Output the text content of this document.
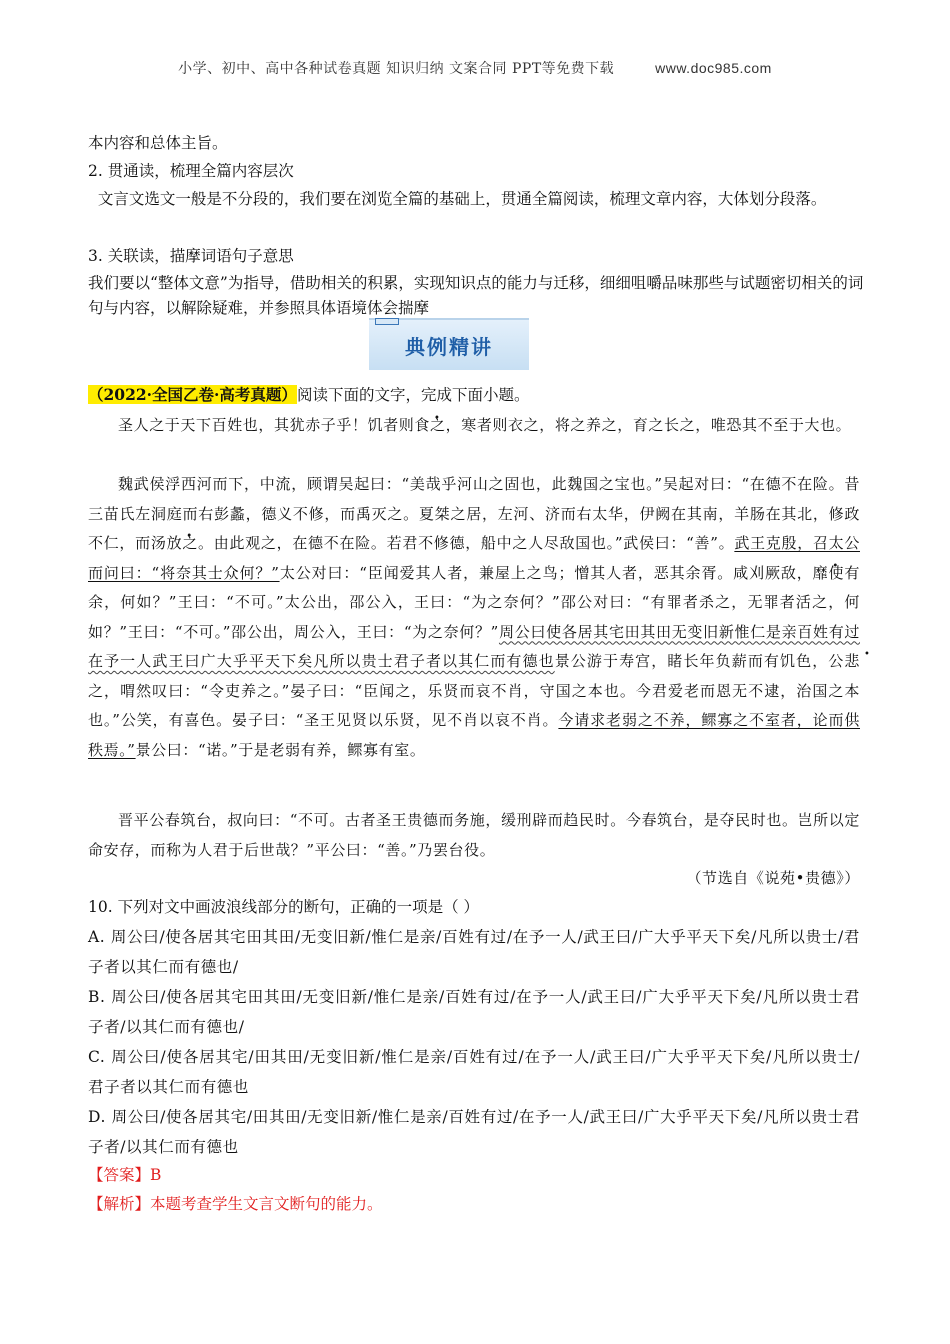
小学、初中、高中各种试卷真题 知识归纳 文案合同 PPT等免费下载	www.doc985.com
本内容和总体主旨。
2. 贯通读，梳理全篇内容层次
文言文选文一般是不分段的，我们要在浏览全篇的基础上，贯通全篇阅读，梳理文章内容，大体划分段落。
3. 关联读，描摩词语句子意思
我们要以“整体文意”为指导，借助相关的积累，实现知识点的能力与迁移，细细咀嚼品味那些与试题密切相关的词句与内容，以解除疑难，并参照具体语境体会揣摩
典例精讲
（2022·全国乙卷·高考真题）阅读下面的文字，完成下面小题。
圣人之于天下百姓也，其犹赤子乎！饥者则食之，寒者则衣之，将之养之，育之长之，唯恐其不至于大也。
魏武侯浮西河而下，中流，顾谓吴起曰：“美哉乎河山之固也，此魏国之宝也。”吴起对曰：“在德不在险。昔三苗氏左洞庭而右彭蠡，德义不修，而禹灭之。夏桀之居，左河、济而右太华，伊阙在其南，羊肠在其北，修政不仁，而汤放之。由此观之，在德不在险。若君不修德，船中之人尽敌国也。”武侯曰：“善”。武王克殷，召太公而问曰：“将奈其士众何？”太公对曰：“臣闻爱其人者，兼屋上之鸟；憎其人者，恶其余胥。咸刈厥敌，靡使有余，何如？”王曰：“不可。”太公出，邵公入，王曰：“为之奈何？”邵公对曰：“有罪者杀之，无罪者活之，何如？”王曰：“不可。”邵公出，周公入，王曰：“为之奈何？”周公曰使各居其宅田其田无变旧新惟仁是亲百姓有过在予一人武王曰广大乎平天下矣凡所以贵士君子者以其仁而有德也景公游于寿宫，睹长年负薪而有饥色，公悲之，喟然叹曰：“令吏养之。”晏子曰：“臣闻之，乐贤而哀不肖，守国之本也。今君爱老而恩无不逮，治国之本也。”公笑，有喜色。晏子曰：“圣王见贤以乐贤，见不肖以哀不肖。今请求老弱之不养，鳏寡之不室者，论而供秩焉。”景公曰：“诺。”于是老弱有养，鳏寡有室。
晋平公春筑台，叔向曰：“不可。古者圣王贵德而务施，缓刑辟而趋民时。今春筑台，是夺民时也。岂所以定命安存，而称为人君于后世哉？”平公曰：“善。”乃罢台役。
（节选自《说苑•贵德》）
10. 下列对文中画波浪线部分的断句，正确的一项是（ ）
A. 周公曰/使各居其宅田其田/无变旧新/惟仁是亲/百姓有过/在予一人/武王曰/广大乎平天下矣/凡所以贵士/君子者以其仁而有德也/
B. 周公曰/使各居其宅田其田/无变旧新/惟仁是亲/百姓有过/在予一人/武王曰/广大乎平天下矣/凡所以贵士君子者/以其仁而有德也/
C. 周公曰/使各居其宅/田其田/无变旧新/惟仁是亲/百姓有过/在予一人/武王曰/广大乎平天下矣/凡所以贵士/君子者以其仁而有德也
D. 周公曰/使各居其宅/田其田/无变旧新/惟仁是亲/百姓有过/在予一人/武王曰/广大乎平天下矣/凡所以贵士君子者/以其仁而有德也
【答案】B
【解析】本题考查学生文言文断句的能力。
